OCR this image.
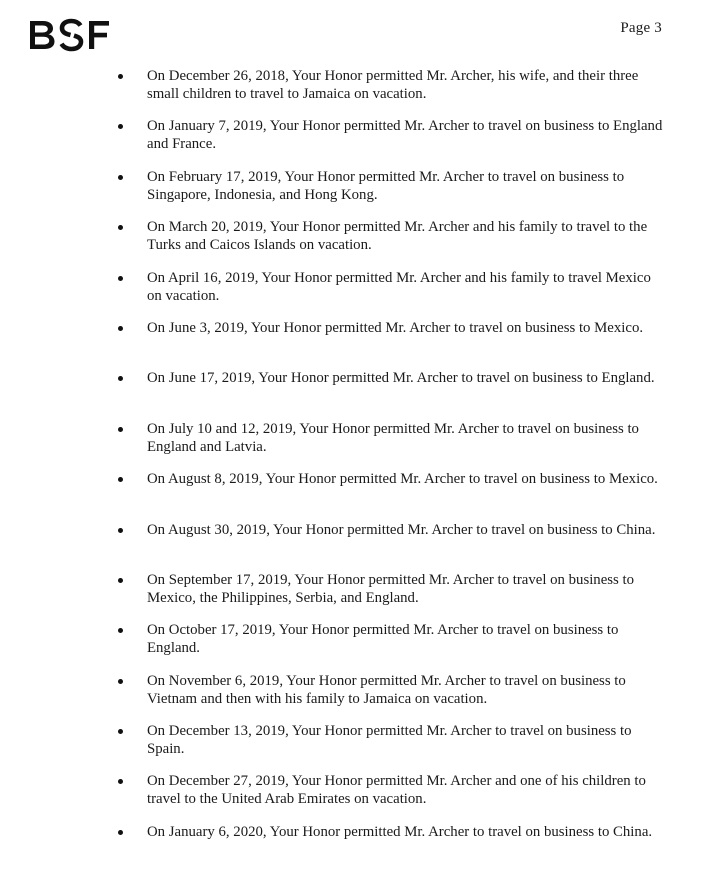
Page 3
On December 26, 2018, Your Honor permitted Mr. Archer, his wife, and their three small children to travel to Jamaica on vacation.
On January 7, 2019, Your Honor permitted Mr. Archer to travel on business to England and France.
On February 17, 2019, Your Honor permitted Mr. Archer to travel on business to Singapore, Indonesia, and Hong Kong.
On March 20, 2019, Your Honor permitted Mr. Archer and his family to travel to the Turks and Caicos Islands on vacation.
On April 16, 2019, Your Honor permitted Mr. Archer and his family to travel Mexico on vacation.
On June 3, 2019, Your Honor permitted Mr. Archer to travel on business to Mexico.
On June 17, 2019, Your Honor permitted Mr. Archer to travel on business to England.
On July 10 and 12, 2019, Your Honor permitted Mr. Archer to travel on business to England and Latvia.
On August 8, 2019, Your Honor permitted Mr. Archer to travel on business to Mexico.
On August 30, 2019, Your Honor permitted Mr. Archer to travel on business to China.
On September 17, 2019, Your Honor permitted Mr. Archer to travel on business to Mexico, the Philippines, Serbia, and England.
On October 17, 2019, Your Honor permitted Mr. Archer to travel on business to England.
On November 6, 2019, Your Honor permitted Mr. Archer to travel on business to Vietnam and then with his family to Jamaica on vacation.
On December 13, 2019, Your Honor permitted Mr. Archer to travel on business to Spain.
On December 27, 2019, Your Honor permitted Mr. Archer and one of his children to travel to the United Arab Emirates on vacation.
On January 6, 2020, Your Honor permitted Mr. Archer to travel on business to China.
